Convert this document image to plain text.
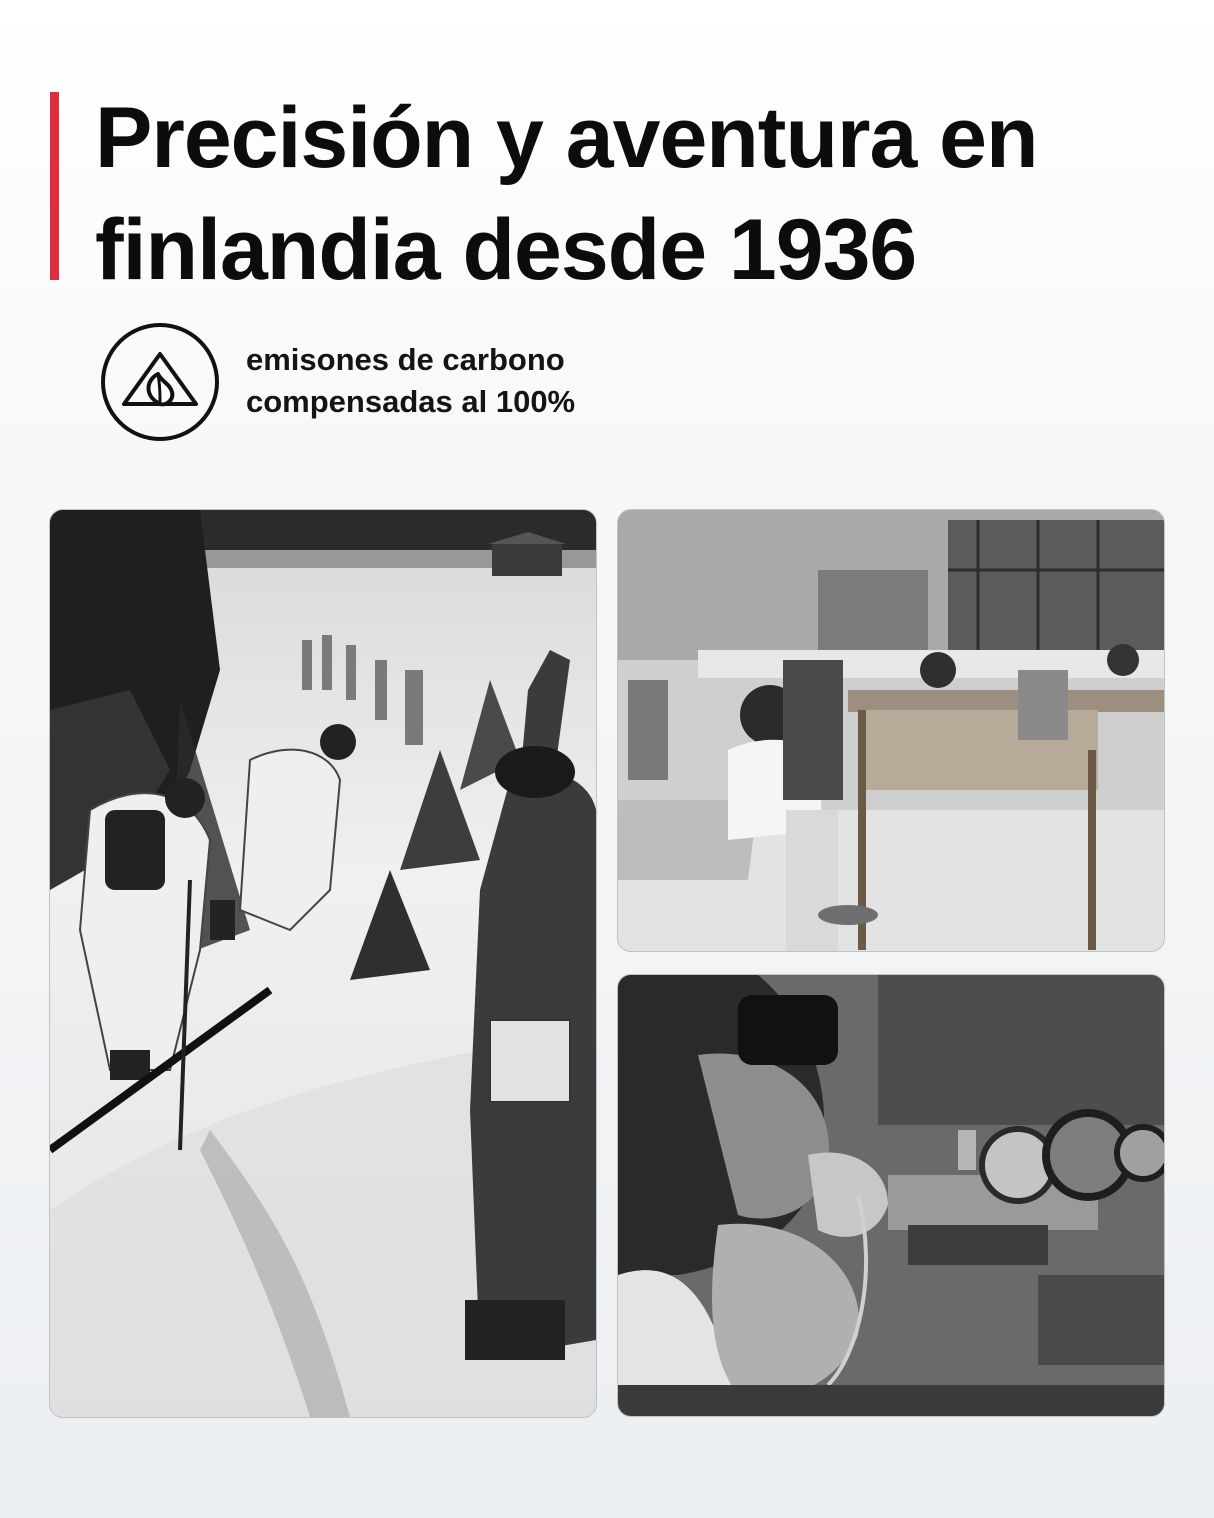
Precisión y aventura en
finlandia desde 1936
emisones de carbono
compensadas al 100%
